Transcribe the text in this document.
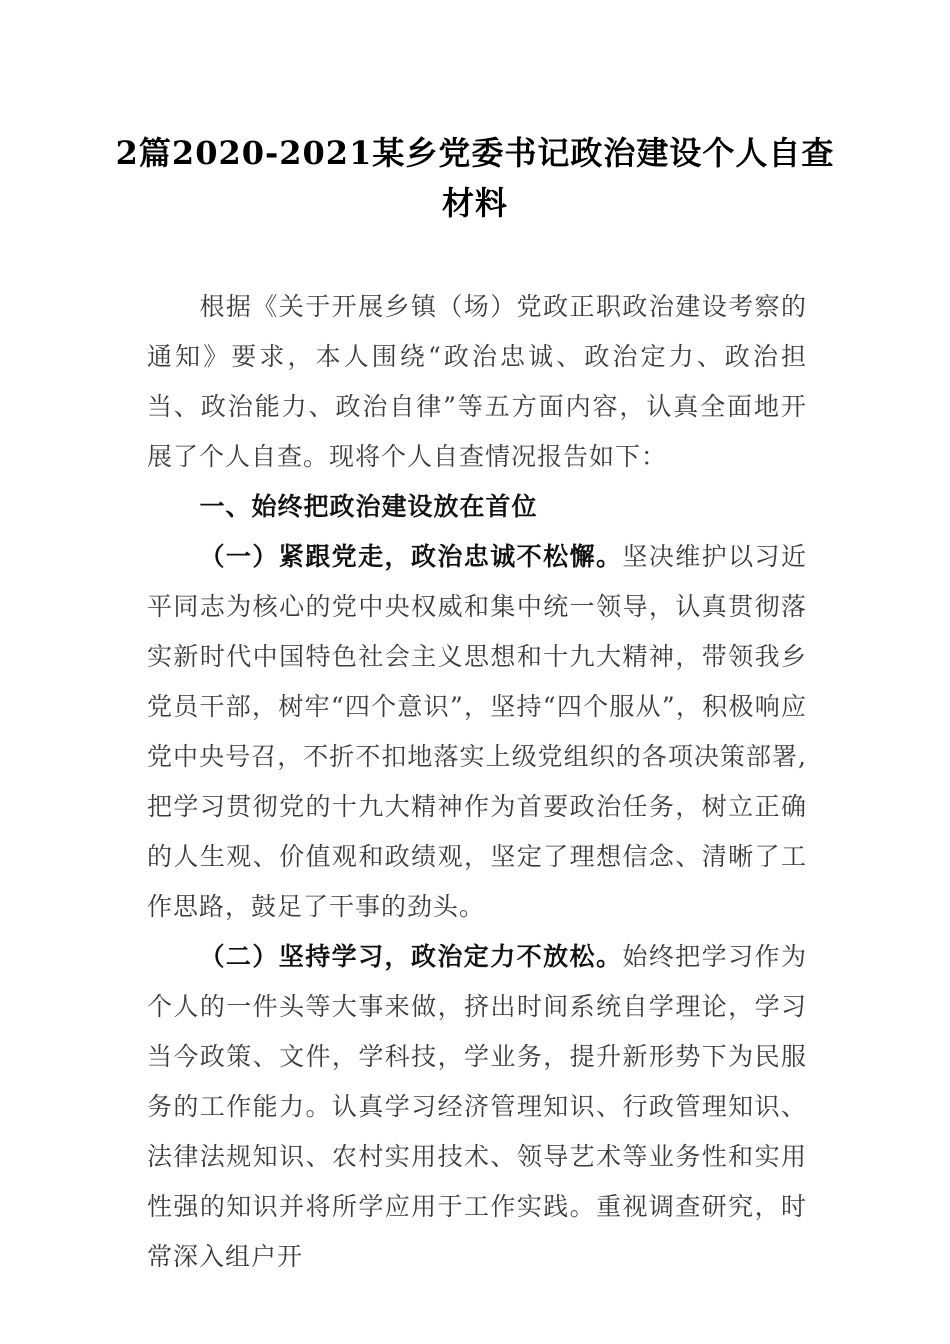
2篇2020-2021某乡党委书记政治建设个人自查材料

根据《关于开展乡镇（场）党政正职政治建设考察的通知》要求，本人围绕“政治忠诚、政治定力、政治担当、政治能力、政治自律”等五方面内容，认真全面地开展了个人自查。现将个人自查情况报告如下：

一、始终把政治建设放在首位

（一）紧跟党走，政治忠诚不松懈。坚决维护以习近平同志为核心的党中央权威和集中统一领导，认真贯彻落实新时代中国特色社会主义思想和十九大精神，带领我乡党员干部，树牢“四个意识”，坚持“四个服从”，积极响应党中央号召，不折不扣地落实上级党组织的各项决策部署,把学习贯彻党的十九大精神作为首要政治任务，树立正确的人生观、价值观和政绩观，坚定了理想信念、清晰了工作思路，鼓足了干事的劲头。

（二）坚持学习，政治定力不放松。始终把学习作为个人的一件头等大事来做，挤出时间系统自学理论，学习当今政策、文件，学科技，学业务，提升新形势下为民服务的工作能力。认真学习经济管理知识、行政管理知识、法律法规知识、农村实用技术、领导艺术等业务性和实用性强的知识并将所学应用于工作实践。重视调查研究，时常深入组户开
